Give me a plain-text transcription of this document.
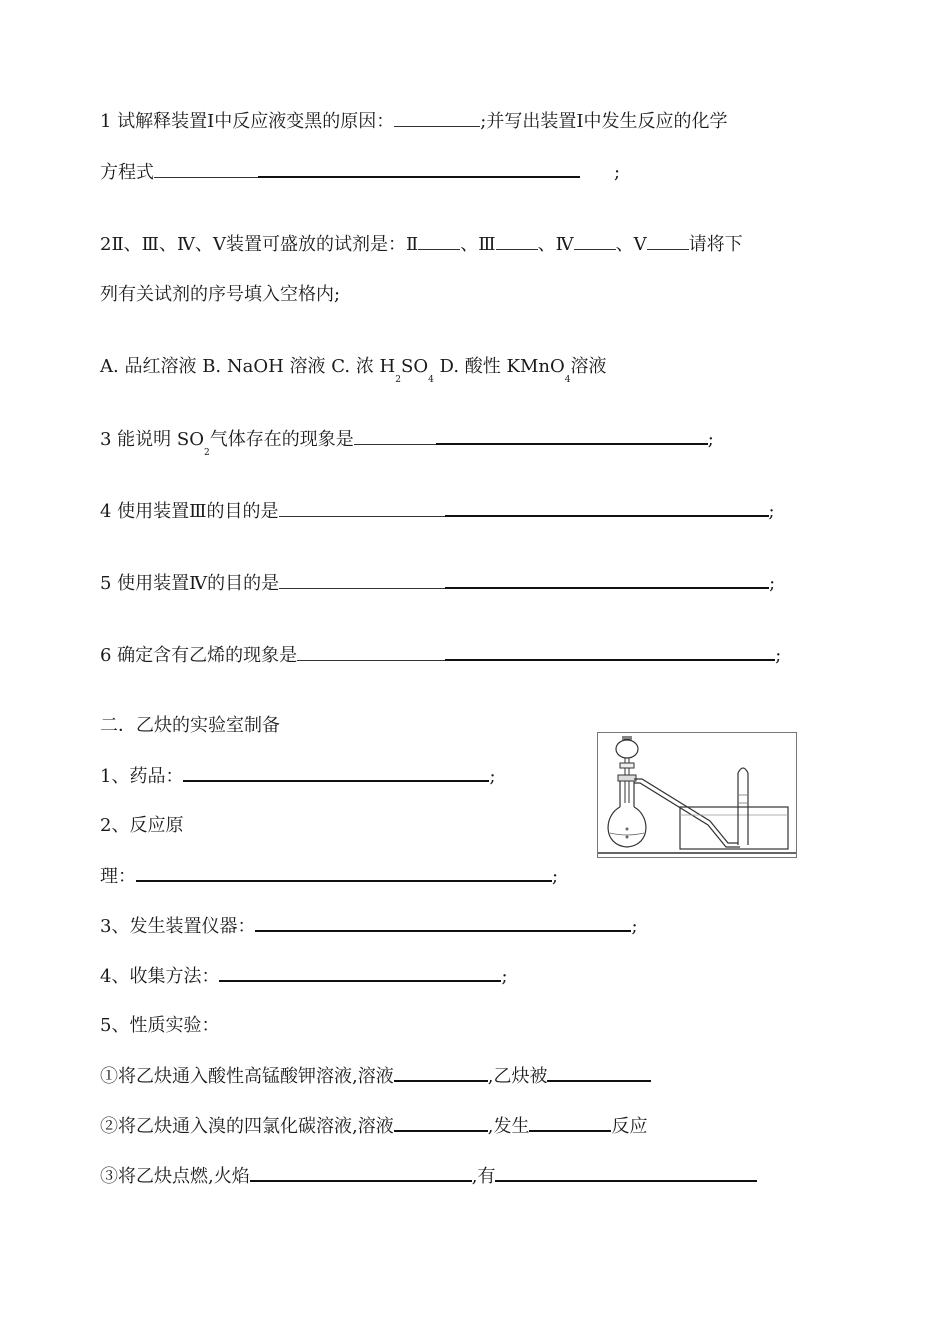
1 试解释装置Ⅰ中反应液变黑的原因：	;并写出装置Ⅰ中发生反应的化学
方程式	;
2Ⅱ、Ⅲ、Ⅳ、Ⅴ装置可盛放的试剂是：Ⅱ 、Ⅲ 、Ⅳ 、Ⅴ 请将下
列有关试剂的序号填入空格内;
A. 品红溶液 B. NaOH 溶液 C. 浓 $H_2SO_4$ D. 酸性 KMnO$_4$溶液
3 能说明 $SO_2$气体存在的现象是	;
4 使用装置Ⅲ的目的是	;
5 使用装置Ⅳ的目的是	;
6 确定含有乙烯的现象是	;
二．乙炔的实验室制备
1、药品：	;
2、反应原
理：	;
3、发生装置仪器：	;
4、收集方法：	;
5、性质实验：
①将乙炔通入酸性高锰酸钾溶液,溶液	,乙炔被
②将乙炔通入溴的四氯化碳溶液,溶液	,发生	反应
③将乙炔点燃,火焰	,有
